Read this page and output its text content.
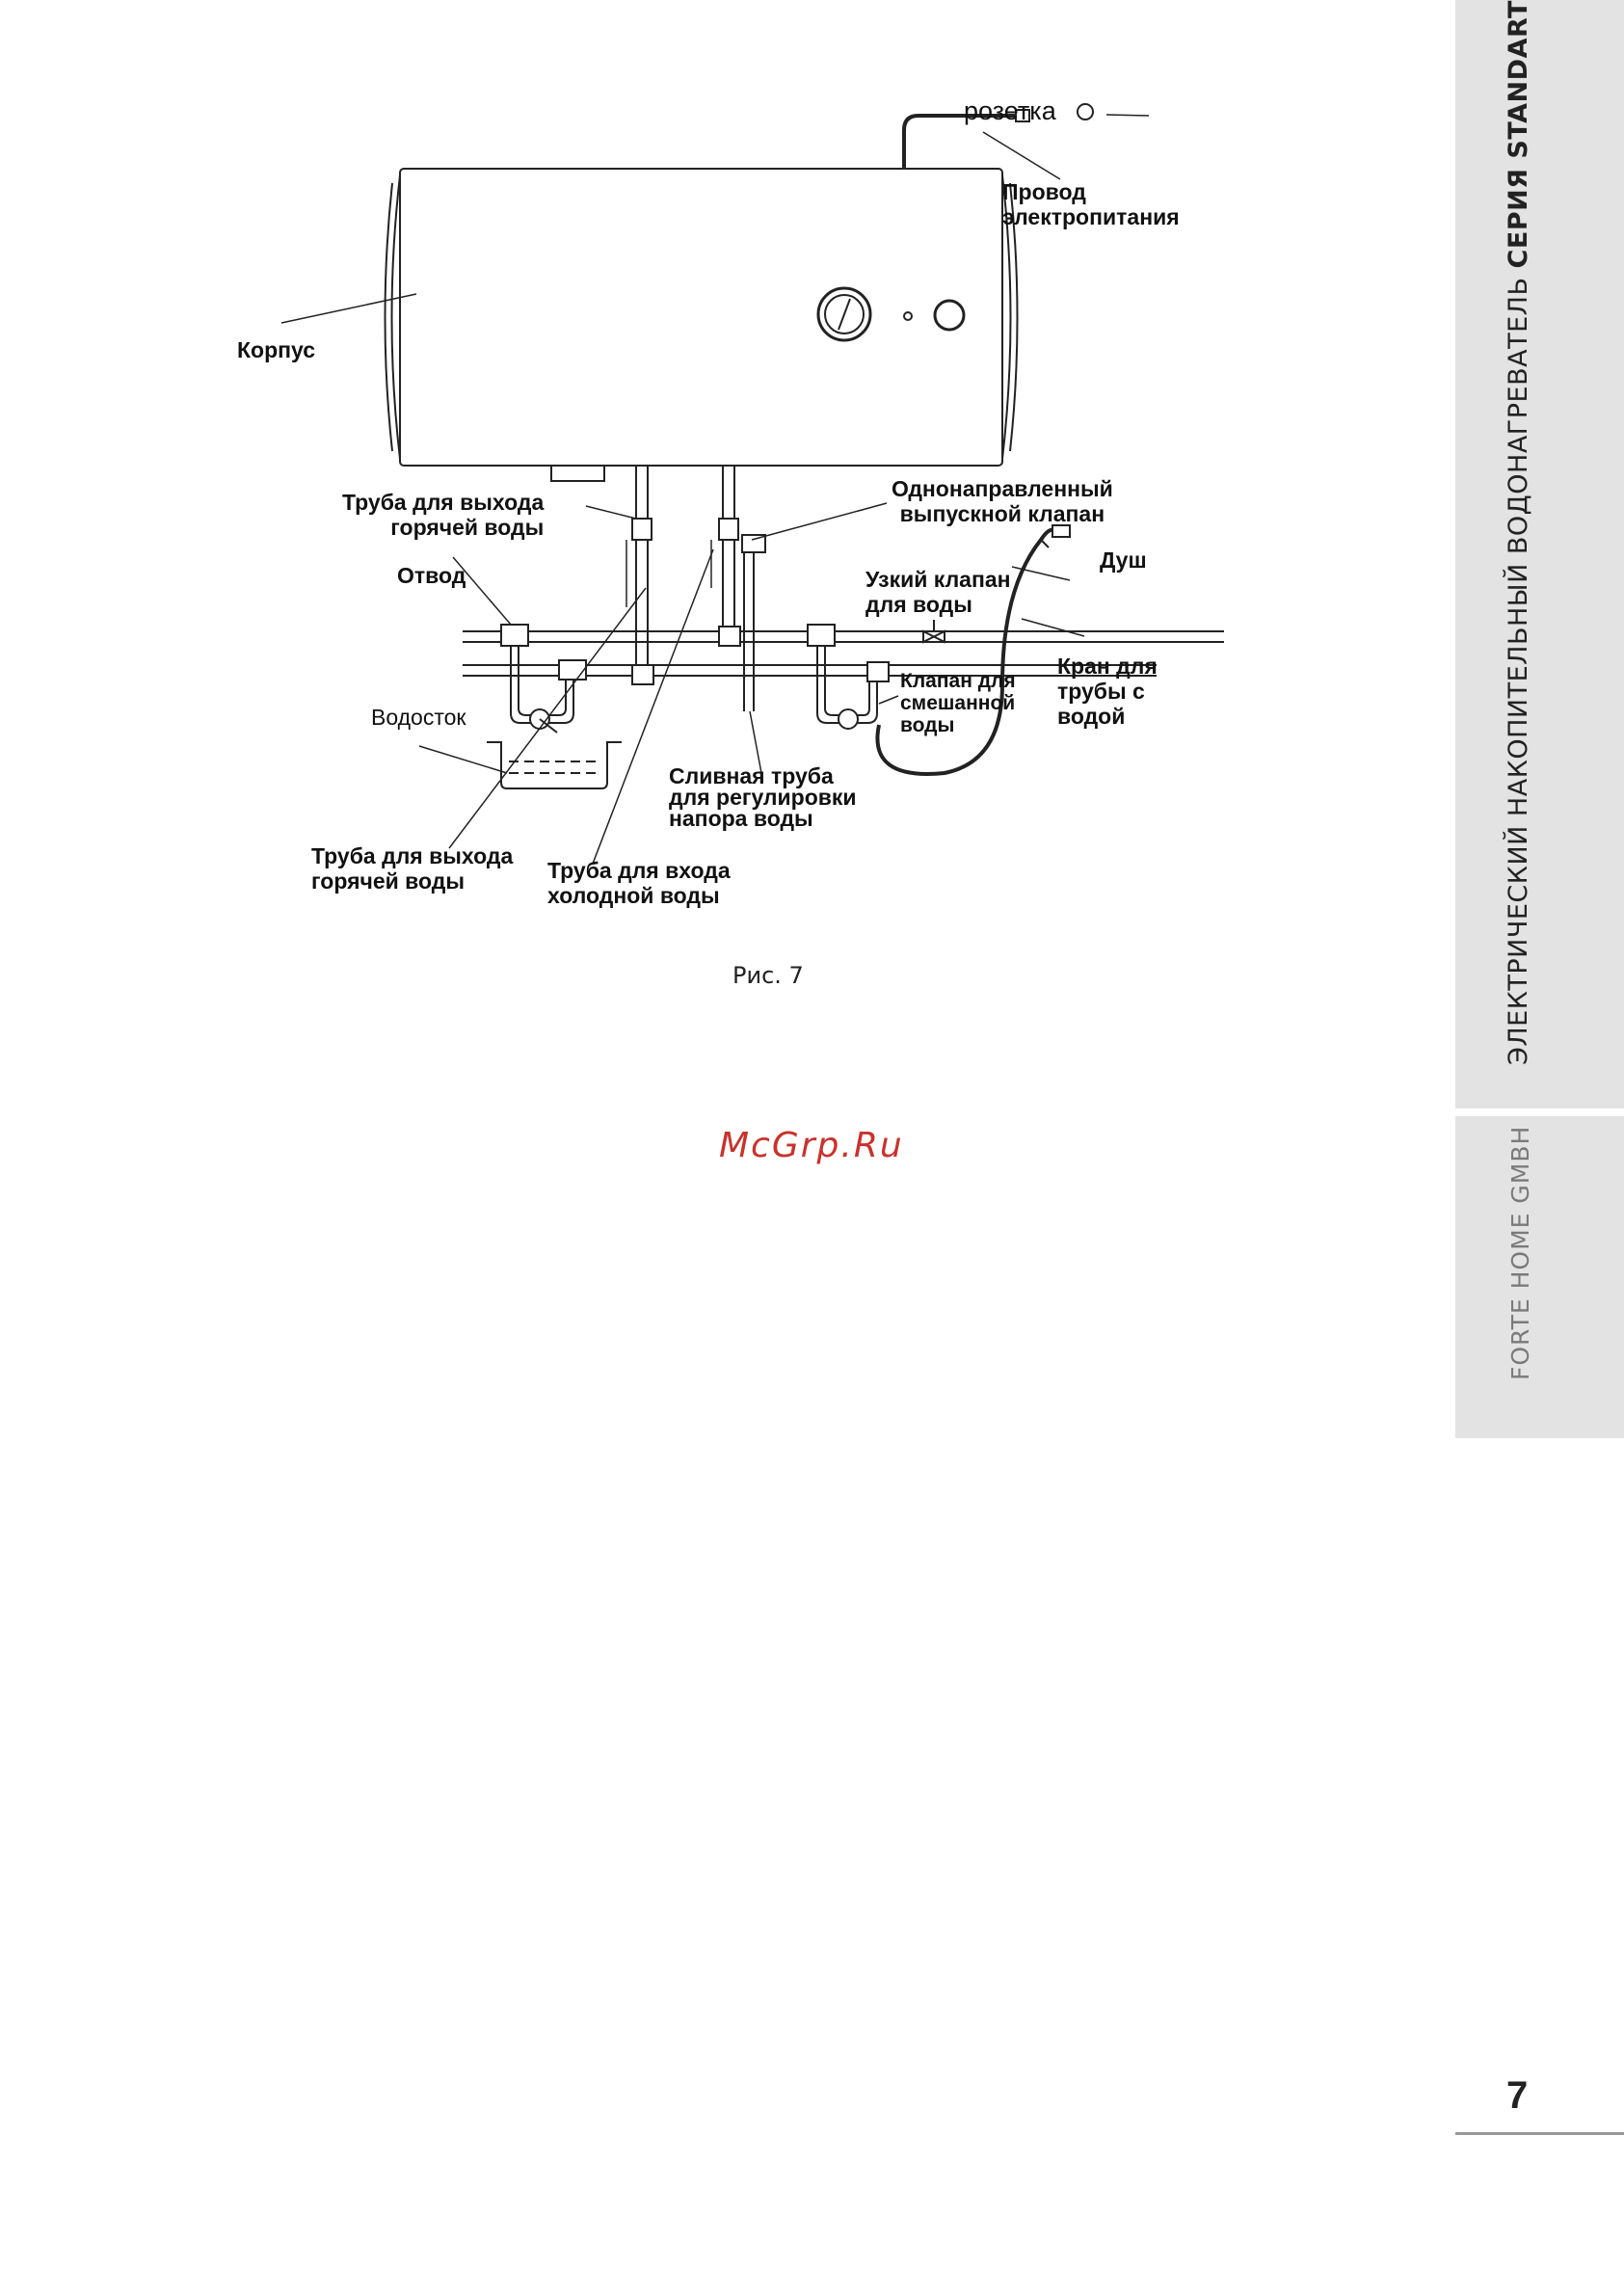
ЭЛЕКТРИЧЕСКИЙ НАКОПИТЕЛЬНЫЙ ВОДОНАГРЕВАТЕЛЬ СЕРИЯ STANDART
FORTE HOME GMBH
7
розетка
Провод
электропитания
Корпус
Труба для выхода
горячей воды
Однонаправленный
выпускной клапан
Отвод	Узкий клапан
для воды
Душ
Кран для
трубы с
водой
Клапан для
смешанной
воды
Водосток
Сливная труба
для регулировки
напора воды
Труба для выхода
горячей воды	Труба для входа
холодной воды
Рис. 7
McGrp.Ru
